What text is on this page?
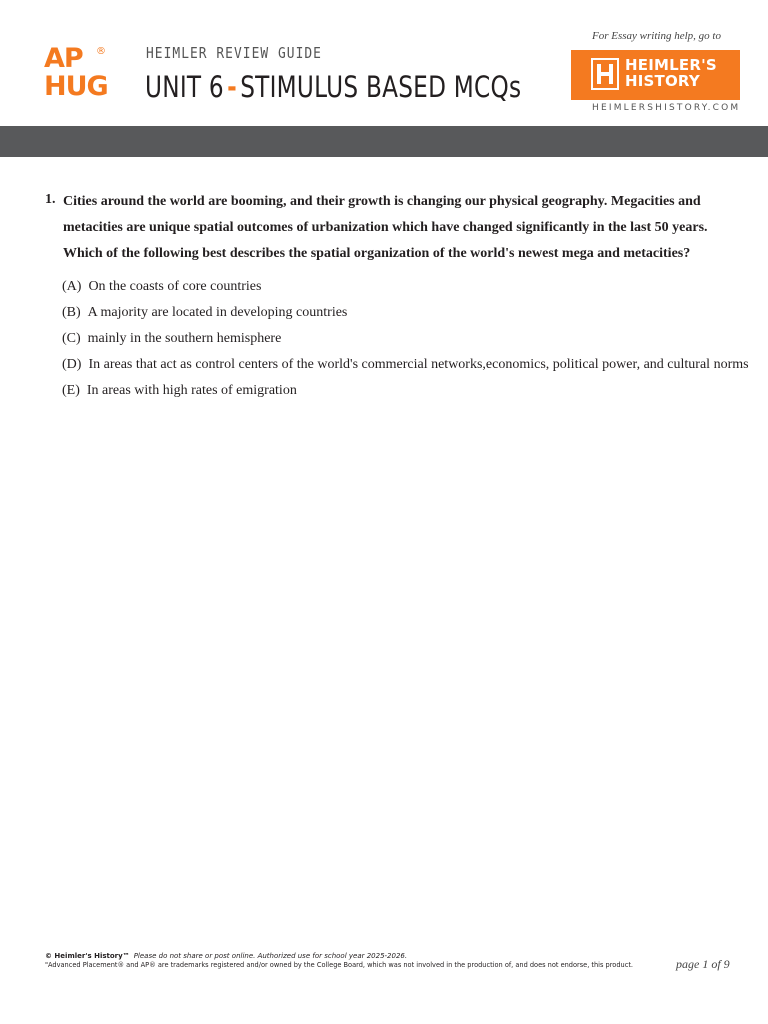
AP ®
HUG
HEIMLER REVIEW GUIDE
UNIT 6 - STIMULUS BASED MCQs
For Essay writing help, go to
HEIMLER'S
HISTORY
HEIMLERSHISTORY.COM
1. Cities around the world are booming, and their growth is changing our physical geography. Megacities and metacities are unique spatial outcomes of urbanization which have changed significantly in the last 50 years. Which of the following best describes the spatial organization of the world's newest mega and metacities?
(A) On the coasts of core countries
(B) A majority are located in developing countries
(C) mainly in the southern hemisphere
(D) In areas that act as control centers of the world's commercial networks,economics, political power, and cultural norms
(E) In areas with high rates of emigration
© Heimler's History™ Please do not share or post online. Authorized use for school year 2025-2026.
"Advanced Placement® and AP® are trademarks registered and/or owned by the College Board, which was not involved in the production of, and does not endorse, this product.	page 1 of 9
